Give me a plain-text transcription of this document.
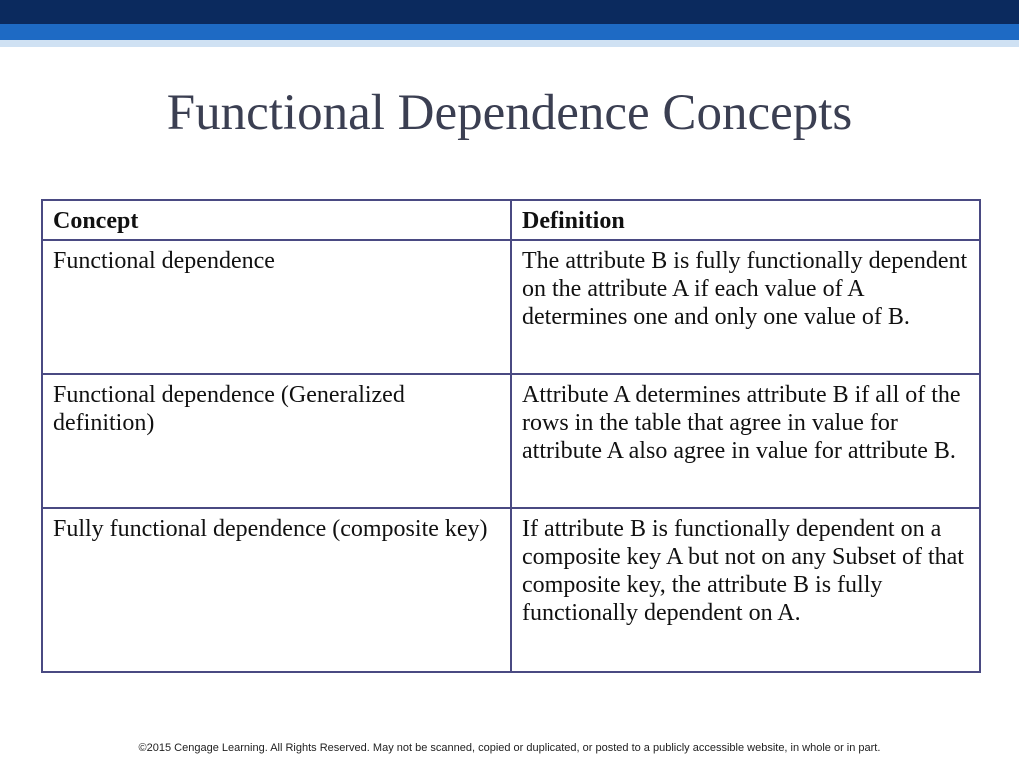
Functional Dependence Concepts
Concept	Definition
Functional dependence	The attribute B is fully functionally dependent on the attribute A if each value of A determines one and only one value of B.
Functional dependence (Generalized definition)	Attribute A determines attribute B if all of the rows in the table that agree in value for attribute A also agree in value for attribute B.
Fully functional dependence (composite key)	If attribute B is functionally dependent on a composite key A but not on any Subset of that composite key, the attribute B is fully functionally dependent on A.
©2015 Cengage Learning. All Rights Reserved. May not be scanned, copied or duplicated, or posted to a publicly accessible website, in whole or in part.
